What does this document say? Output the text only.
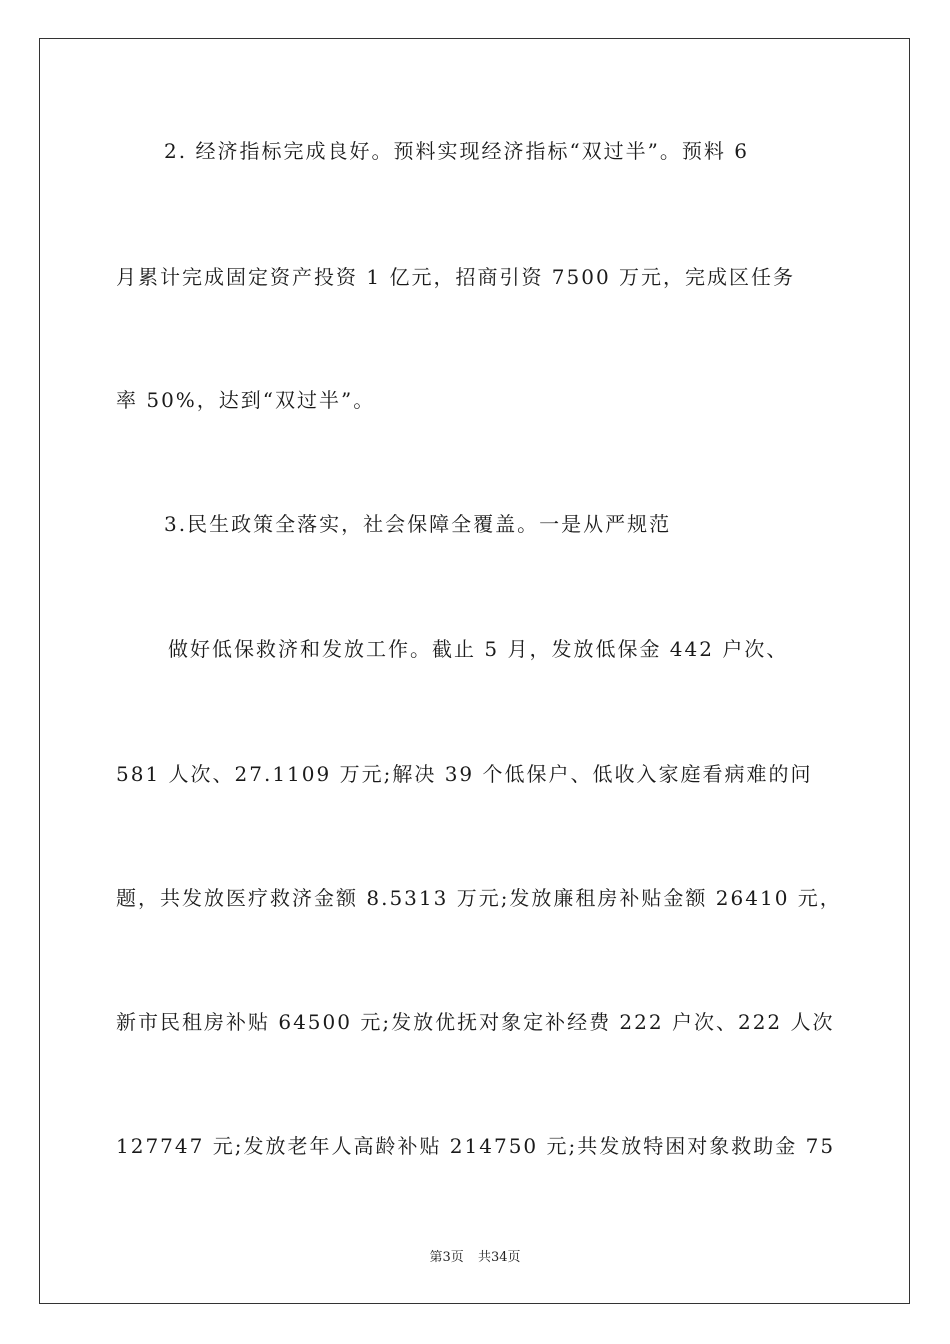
2. 经济指标完成良好。预料实现经济指标“双过半”。预料 6
月累计完成固定资产投资 1 亿元，招商引资 7500 万元，完成区任务
率 50%，达到“双过半”。
3.民生政策全落实，社会保障全覆盖。一是从严规范
做好低保救济和发放工作。截止 5 月，发放低保金 442 户次、
581 人次、27.1109 万元;解决 39 个低保户、低收入家庭看病难的问
题，共发放医疗救济金额 8.5313 万元;发放廉租房补贴金额 26410 元，
新市民租房补贴 64500 元;发放优抚对象定补经费 222 户次、222 人次
127747 元;发放老年人高龄补贴 214750 元;共发放特困对象救助金 75
第3页 共34页
